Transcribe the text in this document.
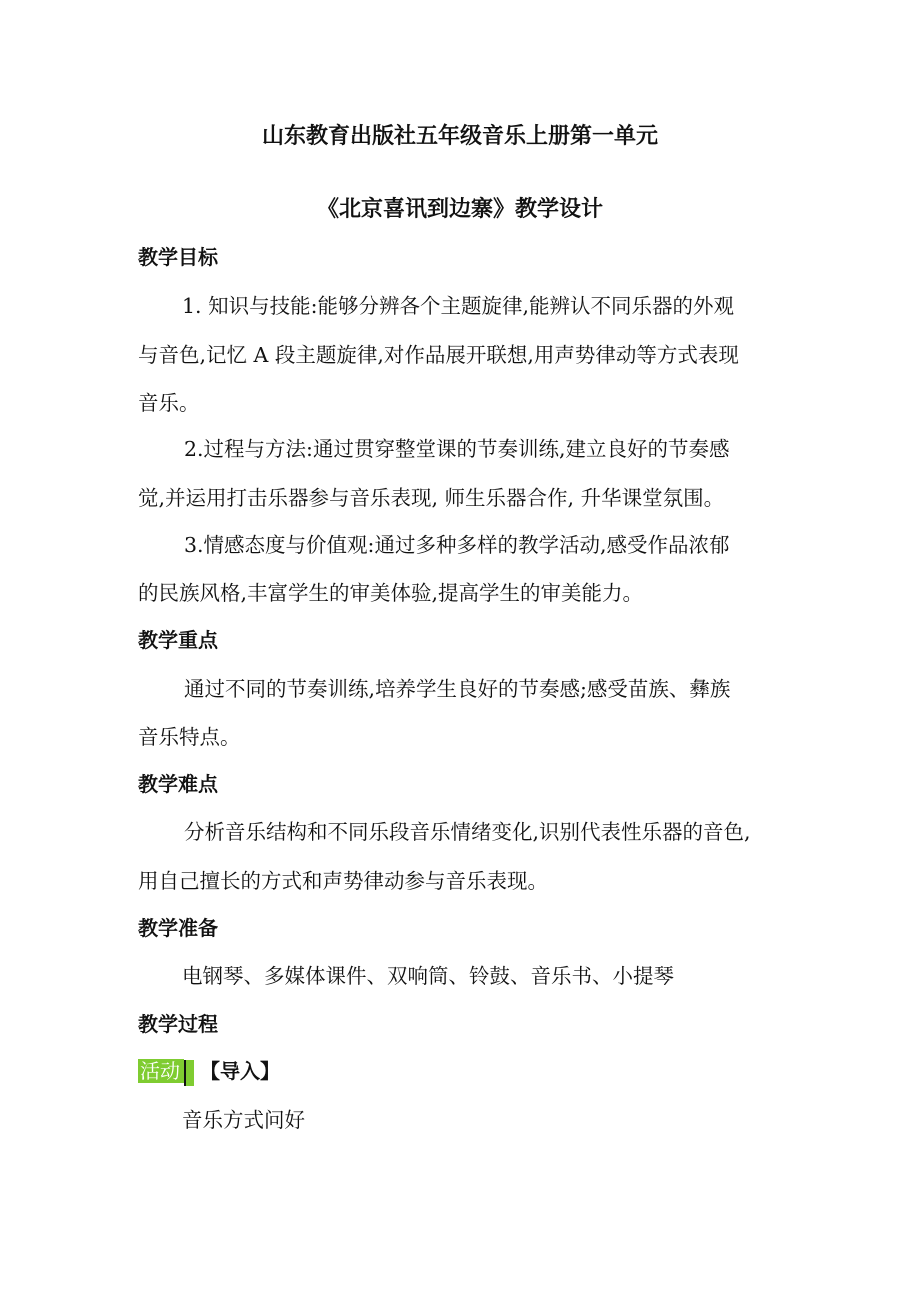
山东教育出版社五年级音乐上册第一单元
《北京喜讯到边寨》教学设计
教学目标
1. 知识与技能:能够分辨各个主题旋律,能辨认不同乐器的外观
与音色,记忆 A 段主题旋律,对作品展开联想,用声势律动等方式表现
音乐。
2.过程与方法:通过贯穿整堂课的节奏训练,建立良好的节奏感
觉,并运用打击乐器参与音乐表现, 师生乐器合作, 升华课堂氛围。
3.情感态度与价值观:通过多种多样的教学活动,感受作品浓郁
的民族风格,丰富学生的审美体验,提高学生的审美能力。
教学重点
通过不同的节奏训练,培养学生良好的节奏感;感受苗族、彝族
音乐特点。
教学难点
分析音乐结构和不同乐段音乐情绪变化,识别代表性乐器的音色,
用自己擅长的方式和声势律动参与音乐表现。
教学准备
电钢琴、多媒体课件、双响筒、铃鼓、音乐书、小提琴
教学过程
活动 【导入】
音乐方式问好
